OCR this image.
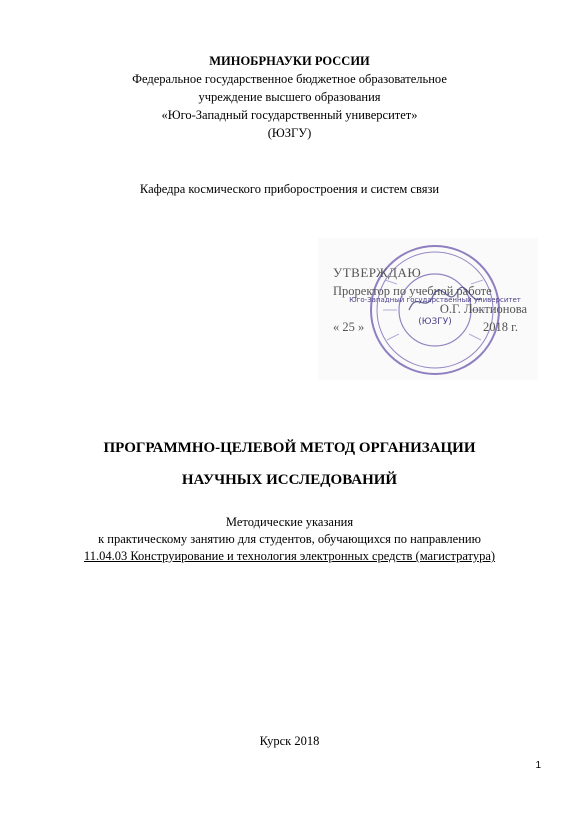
МИНОБРНАУКИ РОССИИ
Федеральное государственное бюджетное образовательное
учреждение высшего образования
«Юго-Западный государственный университет»
(ЮЗГУ)
Кафедра космического приборостроения и систем связи
Юго-Западный государственный университет
(ЮЗГУ)
УТВЕРЖДАЮ
Проректор по учебной работе
О.Г. Локтионова
« 25 »	2018 г.
ПРОГРАММНО-ЦЕЛЕВОЙ МЕТОД ОРГАНИЗАЦИИ
НАУЧНЫХ ИССЛЕДОВАНИЙ
Методические указания
к практическому занятию для студентов, обучающихся по направлению
11.04.03 Конструирование и технология электронных средств (магистратура)
Курск 2018
1
